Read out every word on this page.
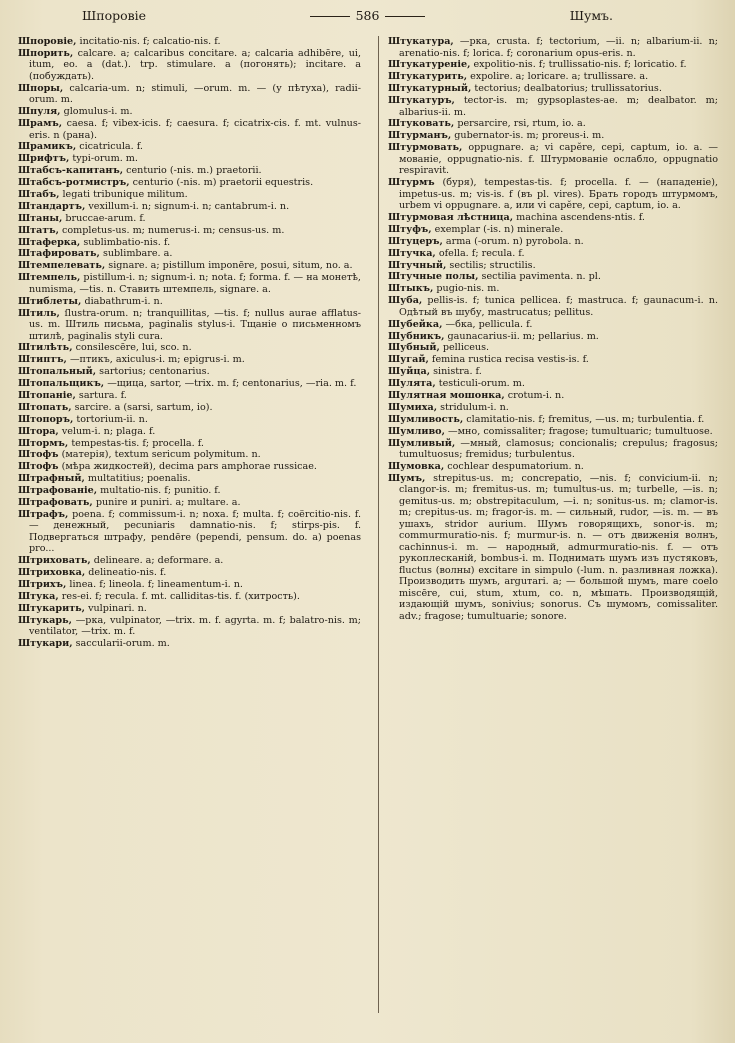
Шпоровіе	586	Шумъ.
Шпоровіе, incitatio-nis. f; calcatio-nis. f.
Шпорить, calcare. a; calcaribus concitare. a; calcaria adhibēre, ui, itum, eo. a (dat.). trp. stimulare. a (погонять); incitare. a (побуждать).
Шпоры, calcaria-um. n; stimuli, —orum. m. — (у пѣтуха), radii-orum. m.
Шпуля, glomulus-i. m.
Шрамъ, caesa. f; vibex-icis. f; caesura. f; cicatrix-cis. f. mt. vulnus-eris. n (рана).
Шрамикъ, cicatricula. f.
Шрифтъ, typi-orum. m.
Штабсъ-капитанъ, centurio (-nis. m.) praetorii.
Штабсъ-ротмистръ, centurio (-nis. m) praetorii equestris.
Штабъ, legati tribunique militum.
Штандартъ, vexillum-i. n; signum-i. n; cantabrum-i. n.
Штаны, bruccae-arum. f.
Штатъ, completus-us. m; numerus-i. m; census-us. m.
Штаферка, sublimbatio-nis. f.
Штафировать, sublimbare. a.
Штемпелевать, signare. a; pistillum imponēre, posui, situm, no. a.
Штемпель, pistillum-i. n; signum-i. n; nota. f; forma. f. — на монетѣ, numisma, —tis. n. Ставить штемпель, signare. a.
Штиблеты, diabathrum-i. n.
Штиль, ſlustra-orum. n; tranquillitas, —tis. f; nullus aurae afflatus-us. m. Штиль письма, paginalis stylus-i. Тщаніе о письменномъ штилѣ, paginalis styli cura.
Штилѣть, consilescēre, lui, sco. n.
Штиптъ, —птикъ, axiculus-i. m; epigrus-i. m.
Штопальный, sartorius; centonarius.
Штопальщикъ, —щица, sartor, —trix. m. f; centonarius, —ria. m. f.
Штопаніе, sartura. f.
Штопать, sarcire. a (sarsi, sartum, io).
Штопоръ, tortorium-ii. n.
Штора, velum-i. n; plaga. f.
Штормъ, tempestas-tis. f; procella. f.
Штофъ (матерія), textum sericum polymitum. n.
Штофъ (мѣра жидкостей), decima pars amphorae russicae.
Штрафный, multatitius; poenalis.
Штрафованіе, multatio-nis. f; punitio. f.
Штрафовать, punire и puniri. a; multare. a.
Штрафъ, poena. f; commissum-i. n; noxa. f; multa. f; coërcitio-nis. f. — денежный, pecuniaris damnatio-nis. f; stirps-pis. f. Подвергаться штрафу, pendēre (pependi, pensum. do. a) poenas pro...
Штриховать, delineare. a; deformare. a.
Штриховка, delineatio-nis. f.
Штрихъ, linea. f; lineola. f; lineamentum-i. n.
Штука, res-ei. f; recula. f. mt. calliditas-tis. f. (хитрость).
Штукарить, vulpinari. n.
Штукарь, —рка, vulpinator, —trix. m. f. agyrta. m. f; balatro-nis. m; ventilator, —trix. m. f.
Штукари, saccularii-orum. m.
Штукатура, —рка, crusta. f; tectorium, —ii. n; albarium-ii. n; arenatio-nis. f; lorica. f; coronarium opus-eris. n.
Штукатуреніе, expolitio-nis. f; trullissatio-nis. f; loricatio. f.
Штукатурить, expolire. a; loricare. a; trullissare. a.
Штукатурный, tectorius; dealbatorius; trullissatorius.
Штукатуръ, tector-is. m; gypsoplastes-ae. m; dealbator. m; albarius-ii. m.
Штуковать, persarcire, rsi, rtum, io. a.
Штурманъ, gubernator-is. m; proreus-i. m.
Штурмовать, oppugnare. a; vi capĕre, cepi, captum, io. a. —мованіе, oppugnatio-nis. f. Штурмованіе ослабло, oppugnatio respiravit.
Штурмъ (буря), tempestas-tis. f; procella. f. — (нападеніе), impetus-us. m; vis-is. f (въ pl. vires). Брать городъ штурмомъ, urbem vi oppugnare. a, или vi capĕre, cepi, captum, io. a.
Штурмовая лѣстница, machina ascendens-ntis. f.
Штуфъ, exemplar (-is. n) minerale.
Штуцеръ, arma (-orum. n) pyrobola. n.
Штучка, ofella. f; recula. f.
Штучный, sectilis; structilis.
Штучные полы, sectilia pavimenta. n. pl.
Штыкъ, pugio-nis. m.
Шуба, pellis-is. f; tunica pellicea. f; mastruca. f; gaunacum-i. n. Одѣтый въ шубу, mastrucatus; pellitus.
Шубейка, —бка, pellicula. f.
Шубникъ, gaunacarius-ii. m; pellarius. m.
Шубный, pelliceus.
Шугай, femina rustica recisa vestis-is. f.
Шуйца, sinistra. f.
Шулята, testiculi-orum. m.
Шулятная мошонка, crotum-i. n.
Шумиха, stridulum-i. n.
Шумливость, clamitatio-nis. f; fremitus, —us. m; turbulentia. f.
Шумливо, —мно, comissaliter; fragose; tumultuaric; tumultuose.
Шумливый, —мный, clamosus; concionalis; crepulus; fragosus; tumultuosus; fremidus; turbulentus.
Шумовка, cochlear despumatorium. n.
Шумъ, strepitus-us. m; concrepatio, —nis. f; convicium-ii. n; clangor-is. m; fremitus-us. m; tumultus-us. m; turbelle, —is. n; gemitus-us. m; obstrepitaculum, —i. n; sonitus-us. m; clamor-is. m; crepitus-us. m; fragor-is. m. — сильный, rudor, —is. m. — въ ушахъ, stridor aurium. Шумъ говорящихъ, sonor-is. m; commurmuratio-nis. f; murmur-is. n. — отъ движенія волнъ, cachinnus-i. m. — народный, admurmuratio-nis. f. — отъ рукоплесканій, bombus-i. m. Поднимать шумъ изъ пустяковъ, fluctus (волны) excitare in simpulo (-lum. n. разливная ложка). Производить шумъ, arguтari. a; — большой шумъ, mare coelo miscēre, cui, stum, xtum, co. n, мѣшать. Производящій, издающій шумъ, sonivius; sonorus. Съ шумомъ, comissaliter. adv.; fragose; tumultuarie; sonore.
